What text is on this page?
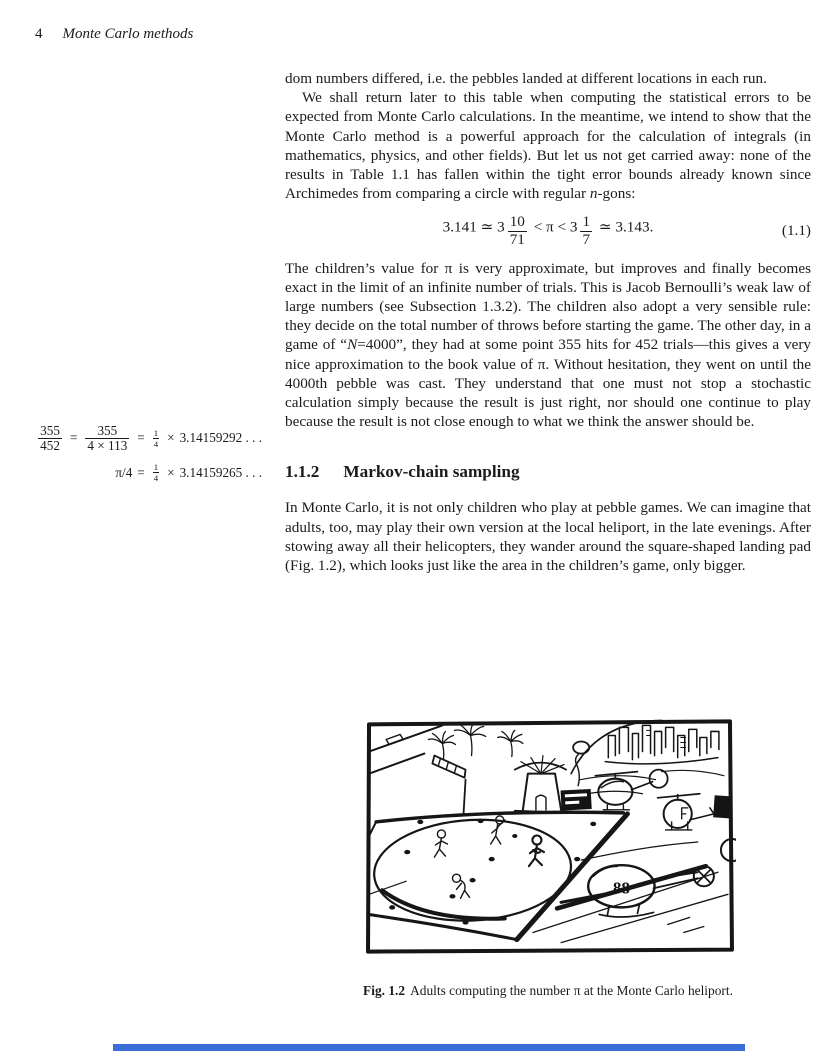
4 Monte Carlo methods
$\frac{355}{452} = \frac{355}{4 \times 113} = \frac{1}{4} \times 3.14159292$ . . .
$\pi/4 = \frac{1}{4} \times 3.14159265$ . . .

dom numbers differed, i.e. the pebbles landed at different locations in each run.

We shall return later to this table when computing the statistical errors to be expected from Monte Carlo calculations. In the meantime, we intend to show that the Monte Carlo method is a powerful approach for the calculation of integrals (in mathematics, physics, and other fields). But let us not get carried away: none of the results in Table 1.1 has fallen within the tight error bounds already known since Archimedes from comparing a circle with regular n-gons:

3.141 ≃ $3 \frac{10}{71} < \pi < 3 \frac{1}{7}$ ≃ 3.143.	(1.1)

The children’s value for π is very approximate, but improves and finally becomes exact in the limit of an infinite number of trials. This is Jacob Bernoulli’s weak law of large numbers (see Subsection 1.3.2). The children also adopt a very sensible rule: they decide on the total number of throws before starting the game. The other day, in a game of “N=4000”, they had at some point 355 hits for 452 trials—this gives a very nice approximation to the book value of π. Without hesitation, they went on until the 4000th pebble was cast. They understand that one must not stop a stochastic calculation simply because the result is just right, nor should one continue to play because the result is not close enough to what we think the answer should be.

1.1.2 Markov-chain sampling

In Monte Carlo, it is not only children who play at pebble games. We can imagine that adults, too, may play their own version at the local heliport, in the late evenings. After stowing away all their helicopters, they wander around the square-shaped landing pad (Fig. 1.2), which looks just like the area in the children’s game, only bigger.

88
Fig. 1.2 Adults computing the number π at the Monte Carlo heliport.
